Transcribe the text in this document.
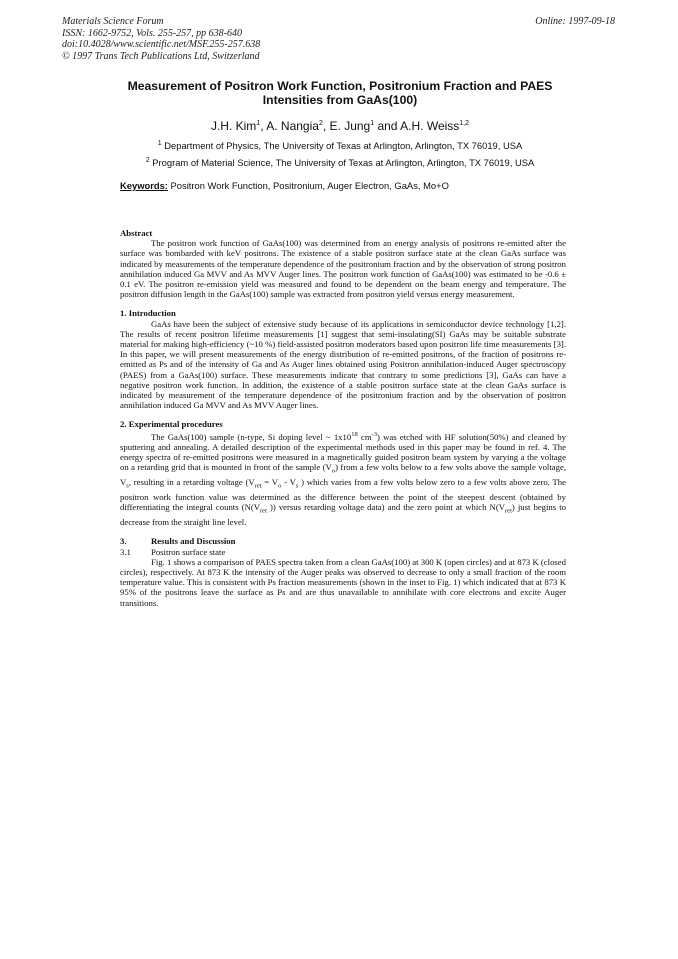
Materials Science Forum
ISSN: 1662-9752, Vols. 255-257, pp 638-640
doi:10.4028/www.scientific.net/MSF.255-257.638
© 1997 Trans Tech Publications Ltd, Switzerland
Online: 1997-09-18
Measurement of Positron Work Function, Positronium Fraction and PAES Intensities from GaAs(100)
J.H. Kim$^1$, A. Nangia$^2$, E. Jung$^1$ and A.H. Weiss$^{1,2}$
$^1$ Department of Physics, The University of Texas at Arlington, Arlington, TX 76019, USA
$^2$ Program of Material Science, The University of Texas at Arlington, Arlington, TX 76019, USA
Keywords: Positron Work Function, Positronium, Auger Electron, GaAs, Mo+O
Abstract

The positron work function of GaAs(100) was determined from an energy analysis of positrons re-emitted after the surface was bombarded with keV positrons. The existence of a stable positron surface state at the clean GaAs surface was indicated by measurements of the temperature dependence of the positronium fraction and by the observation of strong positron annihilation induced Ga MVV and As MVV Auger lines. The positron work function of GaAs(100) was estimated to be -0.6 ± 0.1 eV. The positron re-emission yield was measured and found to be dependent on the beam energy and temperature. The positron diffusion length in the GaAs(100) sample was extracted from positron yield versus energy measurement.

1. Introduction

GaAs have been the subject of extensive study because of its applications in semiconductor device technology [1,2]. The results of recent positron lifetime measurements [1] suggest that semi-insulating(SI) GaAs may be suitable substrate material for making high-efficiency (~10 %) field-assisted positron moderators based upon positron life time measurements [3]. In this paper, we will present measurements of the energy distribution of re-emitted positrons, of the fraction of positrons re-emitted as Ps and of the intensity of Ga and As Auger lines obtained using Positron annihilation-induced Auger spectroscopy (PAES) from a GaAs(100) surface. These measurements indicate that contrary to some predictions [3], GaAs can have a negative positron work function. In addition, the existence of a stable positron surface state at the clean GaAs surface is indicated by measurement of the temperature dependence of the positronium fraction and by the observation of positron annihilation induced Ga MVV and As MVV Auger lines.

2. Experimental procedures

The GaAs(100) sample (n-type, Si doping level ~ $1x10^{18}$ $cm^{-3}$) was etched with HF solution(50%) and cleaned by sputtering and annealing. A detailed description of the experimental methods used in this paper may be found in ref. 4. The energy spectra of re-emitted positrons were measured in a magnetically guided positron beam system by varying a the voltage on a retarding grid that is mounted in front of the sample $(V_o)$ from a few volts below to a few volts above the sample voltage, $V_s$, resulting in a retarding voltage ($V_{ret} = V_o - V_s$ ) which varies from a few volts below zero to a few volts above zero. The positron work function value was determined as the difference between the point of the steepest descent (obtained by differentiating the integral counts ($N(V_{ret}$ )) versus retarding voltage data) and the zero point at which $N(V_{ret})$ just begins to decrease from the straight line level.

3.	Results and Discussion
3.1 Positron surface state

Fig. 1 shows a comparison of PAES spectra taken from a clean GaAs(100) at 300 K (open circles) and at 873 K (closed circles), respectively. At 873 K the intensity of the Auger peaks was observed to decrease to only a small fraction of the room temperature value. This is consistent with Ps fraction measurements (shown in the inset to Fig. 1) which indicated that at 873 K 95% of the positrons leave the surface as Ps and are thus unavailable to annihilate with core electrons and excite Auger transitions.
